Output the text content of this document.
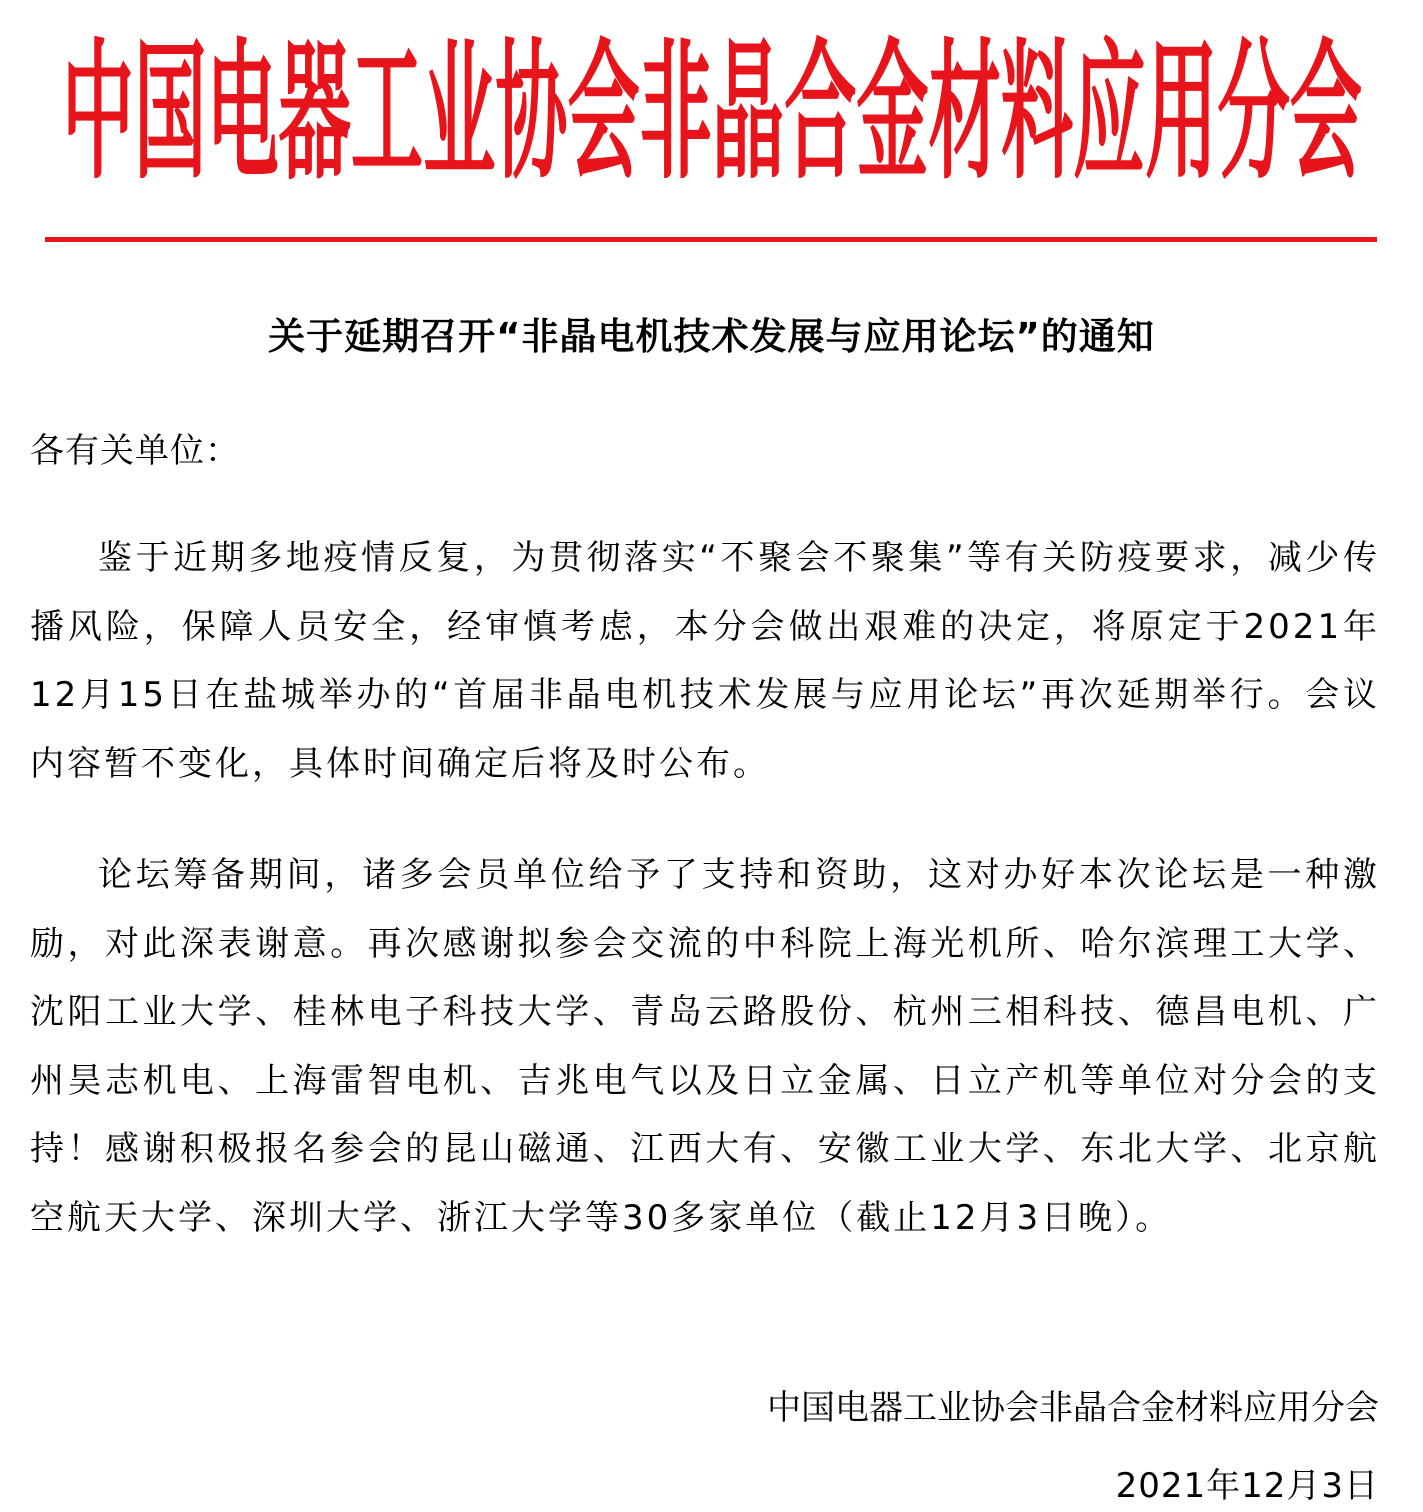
中国电器工业协会非晶合金材料应用分会
关于延期召开“非晶电机技术发展与应用论坛”的通知
各有关单位：

鉴于近期多地疫情反复，为贯彻落实“不聚会不聚集”等有关防疫要求，减少传播风险，保障人员安全，经审慎考虑，本分会做出艰难的决定，将原定于2021年12月15日在盐城举办的“首届非晶电机技术发展与应用论坛”再次延期举行。会议内容暂不变化，具体时间确定后将及时公布。

论坛筹备期间，诸多会员单位给予了支持和资助，这对办好本次论坛是一种激励，对此深表谢意。再次感谢拟参会交流的中科院上海光机所、哈尔滨理工大学、沈阳工业大学、桂林电子科技大学、青岛云路股份、杭州三相科技、德昌电机、广州昊志机电、上海雷智电机、吉兆电气以及日立金属、日立产机等单位对分会的支持！感谢积极报名参会的昆山磁通、江西大有、安徽工业大学、东北大学、北京航空航天大学、深圳大学、浙江大学等30多家单位（截止12月3日晚）。

中国电器工业协会非晶合金材料应用分会
2021年12月3日
